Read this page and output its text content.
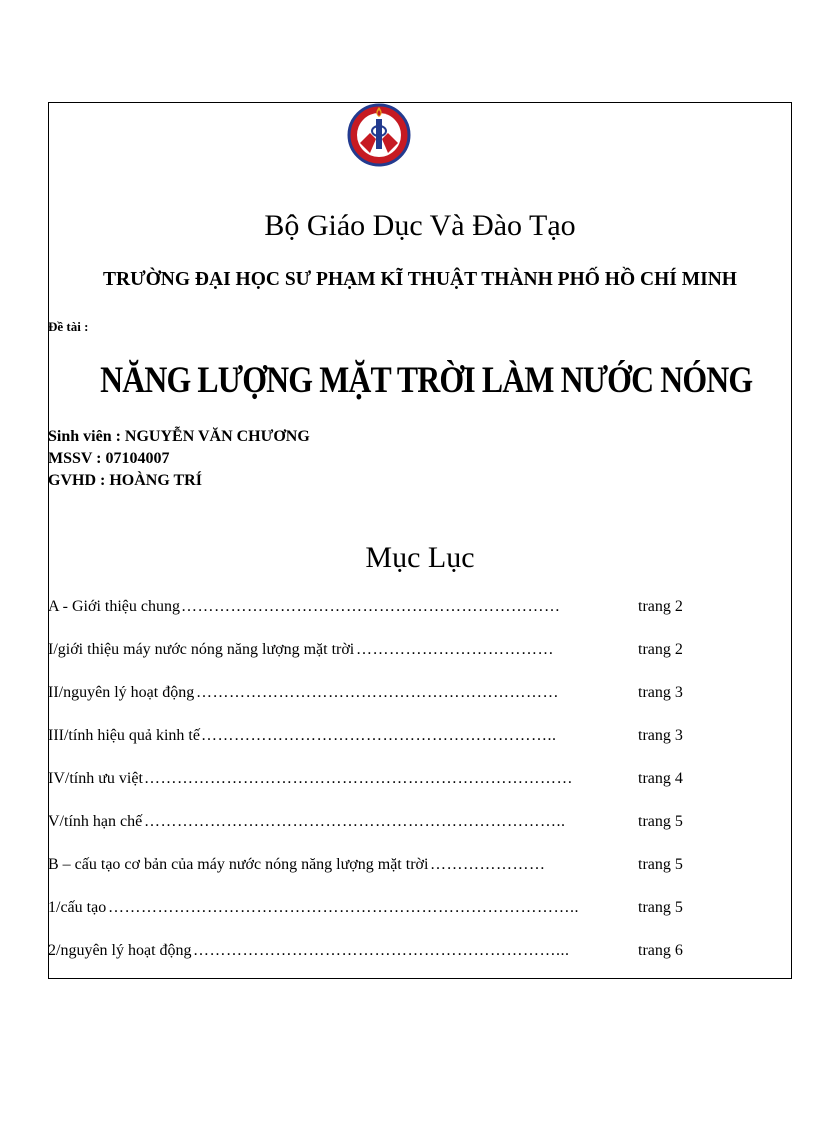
Bộ Giáo Dục Và Đào Tạo
TRƯỜNG ĐẠI HỌC SƯ PHẠM KĨ THUẬT THÀNH PHỐ HỒ CHÍ MINH
Đề tài :
NĂNG LƯỢNG MẶT TRỜI LÀM NƯỚC NÓNG
Sinh viên : NGUYỄN VĂN CHƯƠNG
MSSV : 07104007
GVHD : HOÀNG TRÍ
Mục Lục
A - Giới thiệu chung ……………………………………………………………	trang 2
I/giới thiệu máy nước nóng năng lượng mặt trời ………………………………	trang 2
II/nguyên lý hoạt động …………………………………………………………	trang 3
III/tính hiệu quả kinh tế ………………………………………………………..	trang 3
IV/tính ưu việt ……………………………………………………………………	trang 4
V/tính hạn chế …………………………………………………………………..	trang 5
B – cấu tạo cơ bản của máy nước nóng năng lượng mặt trời …………………	trang 5
1/cấu tạo …………………………………………………………………………..	trang 5
2/nguyên lý hoạt động …………………………………………………………...	trang 6
